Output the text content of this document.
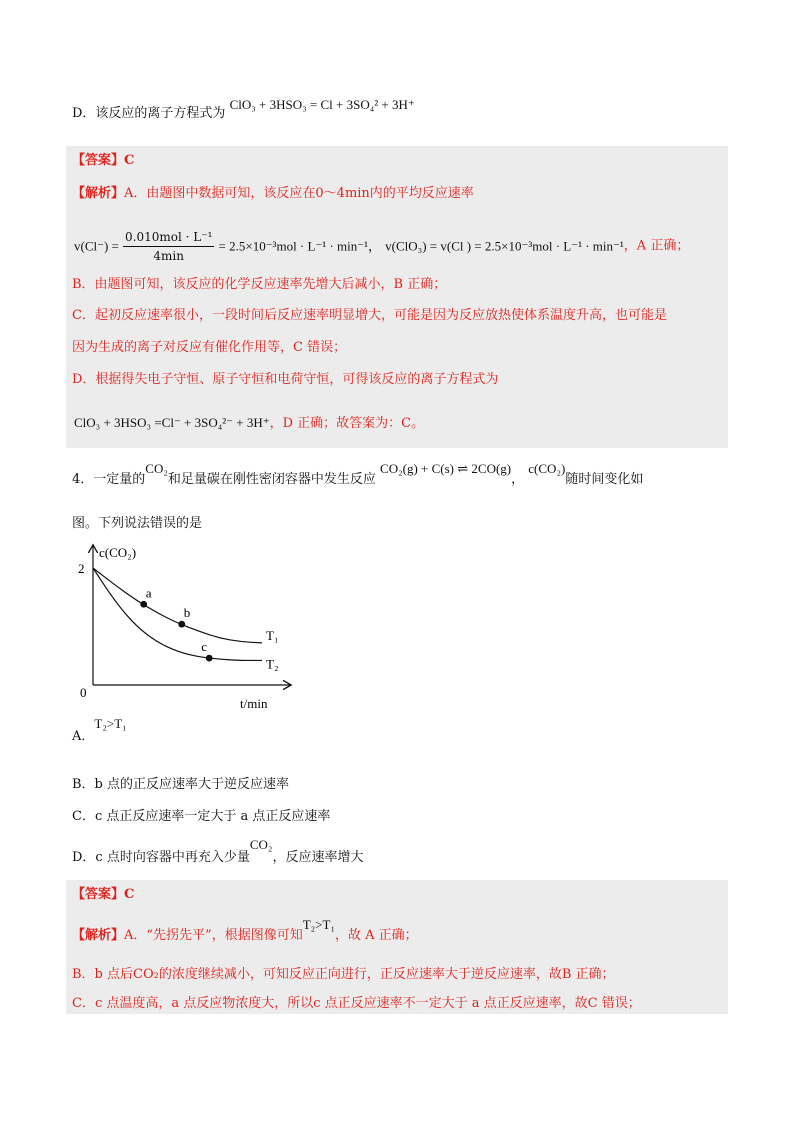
D．该反应的离子方程式为 ClO₃ + 3HSO₃ = Cl + 3SO₄² + 3H⁺
【答案】C
【解析】A．由题图中数据可知，该反应在0～4min内的平均反应速率
$v(Cl^-) = \frac{\text{0.010mol · L⁻¹}}{4\min} = 2.5\times 10^{-3}mol \cdot L^{-1} \cdot \min^{-1}$， v(ClO₃) = v(Cl ) = 2.5×10⁻³mol · L⁻¹ · min⁻¹，A 正确；
B．由题图可知，该反应的化学反应速率先增大后减小，B 正确；
C．起初反应速率很小，一段时间后反应速率明显增大，可能是因为反应放热使体系温度升高，也可能是
因为生成的离子对反应有催化作用等，C 错误；
D．根据得失电子守恒、原子守恒和电荷守恒，可得该反应的离子方程式为
ClO₃ + 3HSO₃ =Cl⁻ + 3SO₄²⁻ + 3H⁺，D 正确；故答案为：C。
4．一定量的CO₂和足量碳在刚性密闭容器中发生反应 CO₂(g) + C(s) ⇌ 2CO(g)， c(CO₂)随时间变化如
图。下列说法错误的是
c(CO₂)
2
0
t/min
T₁
T₂
a
b
c
A．T₂>T₁
B．b 点的正反应速率大于逆反应速率
C．c 点正反应速率一定大于 a 点正反应速率
D．c 点时向容器中再充入少量CO₂，反应速率增大
【答案】C
【解析】A．“先拐先平”，根据图像可知T₂>T₁，故 A 正确；
B．b 点后CO₂的浓度继续减小，可知反应正向进行，正反应速率大于逆反应速率，故B 正确；
C．c 点温度高，a 点反应物浓度大，所以c 点正反应速率不一定大于 a 点正反应速率，故C 错误；
